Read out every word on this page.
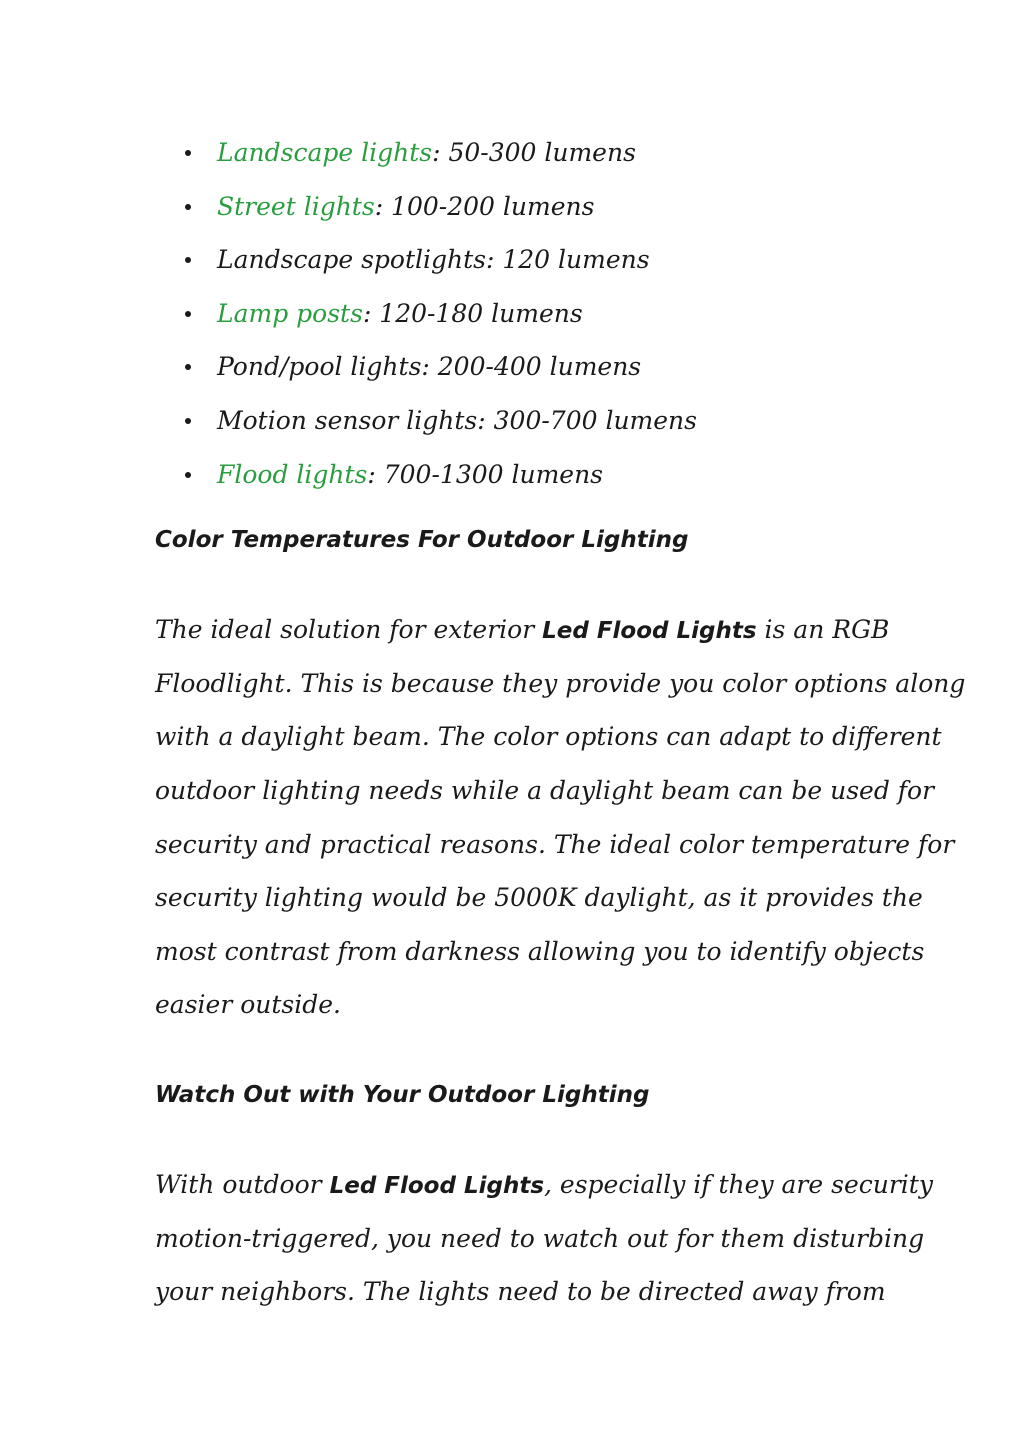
Landscape lights: 50-300 lumens
Street lights: 100-200 lumens
Landscape spotlights: 120 lumens
Lamp posts: 120-180 lumens
Pond/pool lights: 200-400 lumens
Motion sensor lights: 300-700 lumens
Flood lights: 700-1300 lumens
Color Temperatures For Outdoor Lighting

The ideal solution for exterior Led Flood Lights is an RGB
Floodlight. This is because they provide you color options along
with a daylight beam. The color options can adapt to different
outdoor lighting needs while a daylight beam can be used for
security and practical reasons. The ideal color temperature for
security lighting would be 5000K daylight, as it provides the
most contrast from darkness allowing you to identify objects
easier outside.

Watch Out with Your Outdoor Lighting

With outdoor Led Flood Lights, especially if they are security
motion-triggered, you need to watch out for them disturbing
your neighbors. The lights need to be directed away from
